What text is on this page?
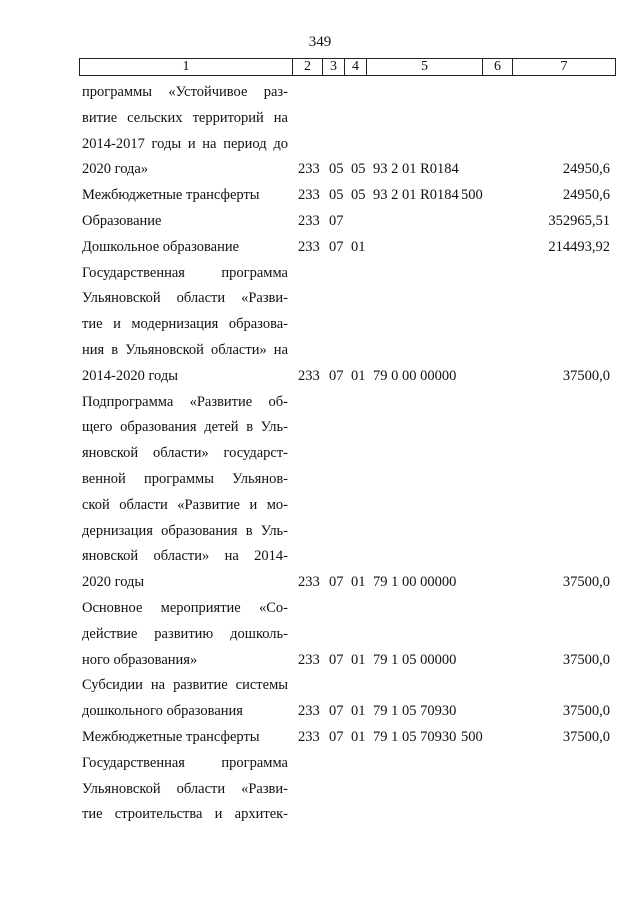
349
1	2	3	4	5	6	7
программы «Устойчивое раз-
витие сельских территорий на
2014-2017 годы и на период до
2020 года»	233 05 05 93 2 01 R0184	24950,6
Межбюджетные трансферты	233 05 05 93 2 01 R0184 500	24950,6
Образование	233 07	352965,51
Дошкольное образование	233 07 01	214493,92
Государственная программа
Ульяновской области «Разви-
тие и модернизация образова-
ния в Ульяновской области» на
2014-2020 годы	233 07 01 79 0 00 00000	37500,0
Подпрограмма «Развитие об-
щего образования детей в Уль-
яновской области» государст-
венной программы Ульянов-
ской области «Развитие и мо-
дернизация образования в Уль-
яновской области» на 2014-
2020 годы	233 07 01 79 1 00 00000	37500,0
Основное мероприятие «Со-
действие развитию дошколь-
ного образования»	233 07 01 79 1 05 00000	37500,0
Субсидии на развитие системы
дошкольного образования	233 07 01 79 1 05 70930	37500,0
Межбюджетные трансферты	233 07 01 79 1 05 70930 500	37500,0
Государственная программа
Ульяновской области «Разви-
тие строительства и архитек-
